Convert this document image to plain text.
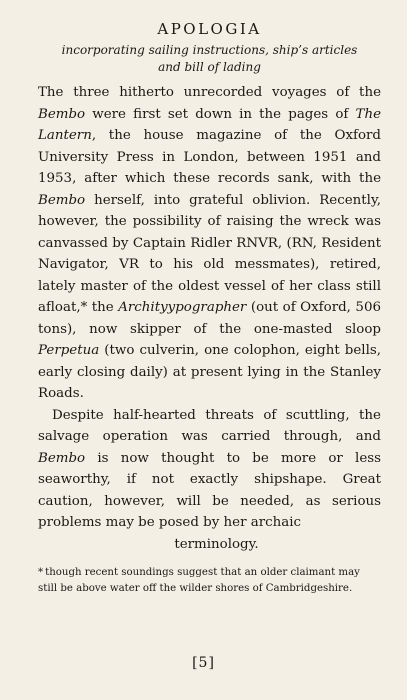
APOLOGIA
incorporating sailing instructions, ship’s articles
and bill of lading

The three hitherto unrecorded voyages of the Bembo were first set down in the pages of The Lantern, the house magazine of the Oxford University Press in London, between 1951 and 1953, after which these records sank, with the Bembo herself, into grateful oblivion. Recently, however, the possibility of raising the wreck was canvassed by Captain Ridler RNVR, (RN, Resident Navigator, VR to his old messmates), retired, lately master of the oldest vessel of her class still afloat,* the Archityypographer (out of Oxford, 506 tons), now skipper of the one-masted sloop Perpetua (two culverin, one colophon, eight bells, early closing daily) at present lying in the Stanley Roads.

Despite half-hearted threats of scuttling, the salvage operation was carried through, and Bembo is now thought to be more or less seaworthy, if not exactly shipshape. Great caution, however, will be needed, as serious problems may be posed by her archaic

terminology.

* though recent soundings suggest that an older claimant may still be above water off the wilder shores of Cambridgeshire.
[5]
